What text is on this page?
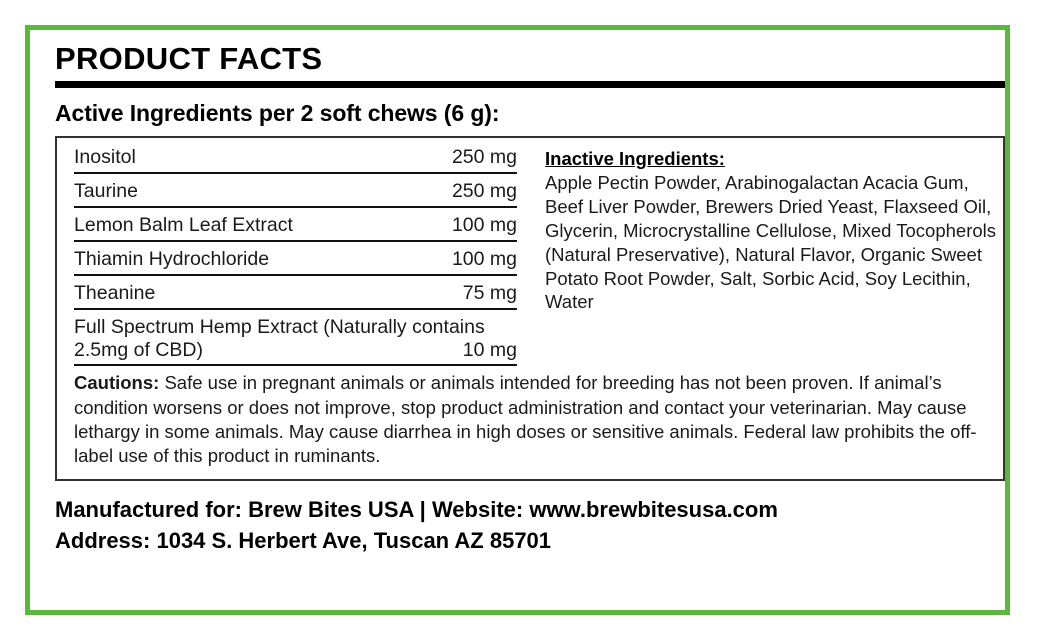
PRODUCT FACTS
Active Ingredients per 2 soft chews (6 g):
Inositol	250 mg
Taurine	250 mg
Lemon Balm Leaf Extract	100 mg
Thiamin Hydrochloride	100 mg
Theanine	75 mg
Full Spectrum Hemp Extract (Naturally contains
2.5mg of CBD)	10 mg
Inactive Ingredients:
Apple Pectin Powder, Arabinogalactan Acacia Gum, Beef Liver Powder, Brewers Dried Yeast, Flaxseed Oil, Glycerin, Microcrystalline Cellulose, Mixed Tocopherols (Natural Preservative), Natural Flavor, Organic Sweet Potato Root Powder, Salt, Sorbic Acid, Soy Lecithin, Water
Cautions: Safe use in pregnant animals or animals intended for breeding has not been proven. If animal’s condition worsens or does not improve, stop product administration and contact your veterinarian. May cause lethargy in some animals. May cause diarrhea in high doses or sensitive animals. Federal law prohibits the off-label use of this product in ruminants.
Manufactured for: Brew Bites USA | Website: www.brewbitesusa.com
Address: 1034 S. Herbert Ave, Tuscan AZ 85701
